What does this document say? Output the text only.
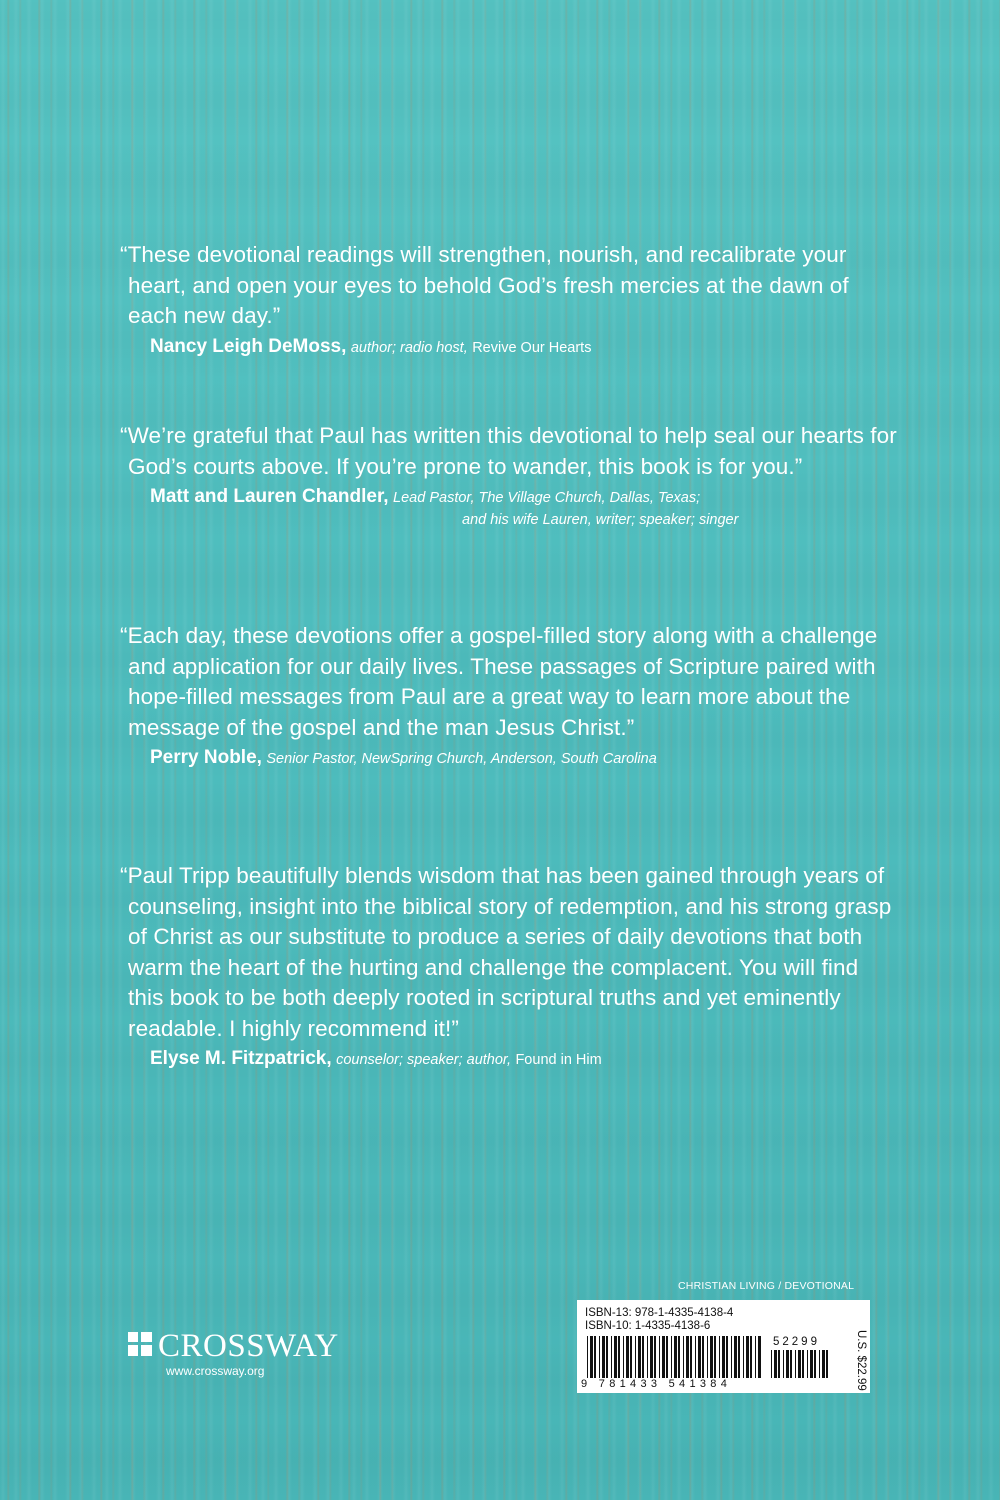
“These devotional readings will strengthen, nourish, and recalibrate your heart, and open your eyes to behold God’s fresh mercies at the dawn of each new day.”

Nancy Leigh DeMoss, author; radio host, Revive Our Hearts

“We’re grateful that Paul has written this devotional to help seal our hearts for God’s courts above. If you’re prone to wander, this book is for you.”

Matt and Lauren Chandler, Lead Pastor, The Village Church, Dallas, Texas;
and his wife Lauren, writer; speaker; singer

“Each day, these devotions offer a gospel-filled story along with a challenge and application for our daily lives. These passages of Scripture paired with hope-filled messages from Paul are a great way to learn more about the message of the gospel and the man Jesus Christ.”

Perry Noble, Senior Pastor, NewSpring Church, Anderson, South Carolina

“Paul Tripp beautifully blends wisdom that has been gained through years of counseling, insight into the biblical story of redemption, and his strong grasp of Christ as our substitute to produce a series of daily devotions that both warm the heart of the hurting and challenge the complacent. You will find this book to be both deeply rooted in scriptural truths and yet eminently readable. I highly recommend it!”

Elyse M. Fitzpatrick, counselor; speaker; author, Found in Him
CHRISTIAN LIVING / DEVOTIONAL
ISBN-13: 978-1-4335-4138-4
ISBN-10: 1-4335-4138-6
52299
9 781433 541384	U.S. $22.99
CROSSWAY
www.crossway.org
